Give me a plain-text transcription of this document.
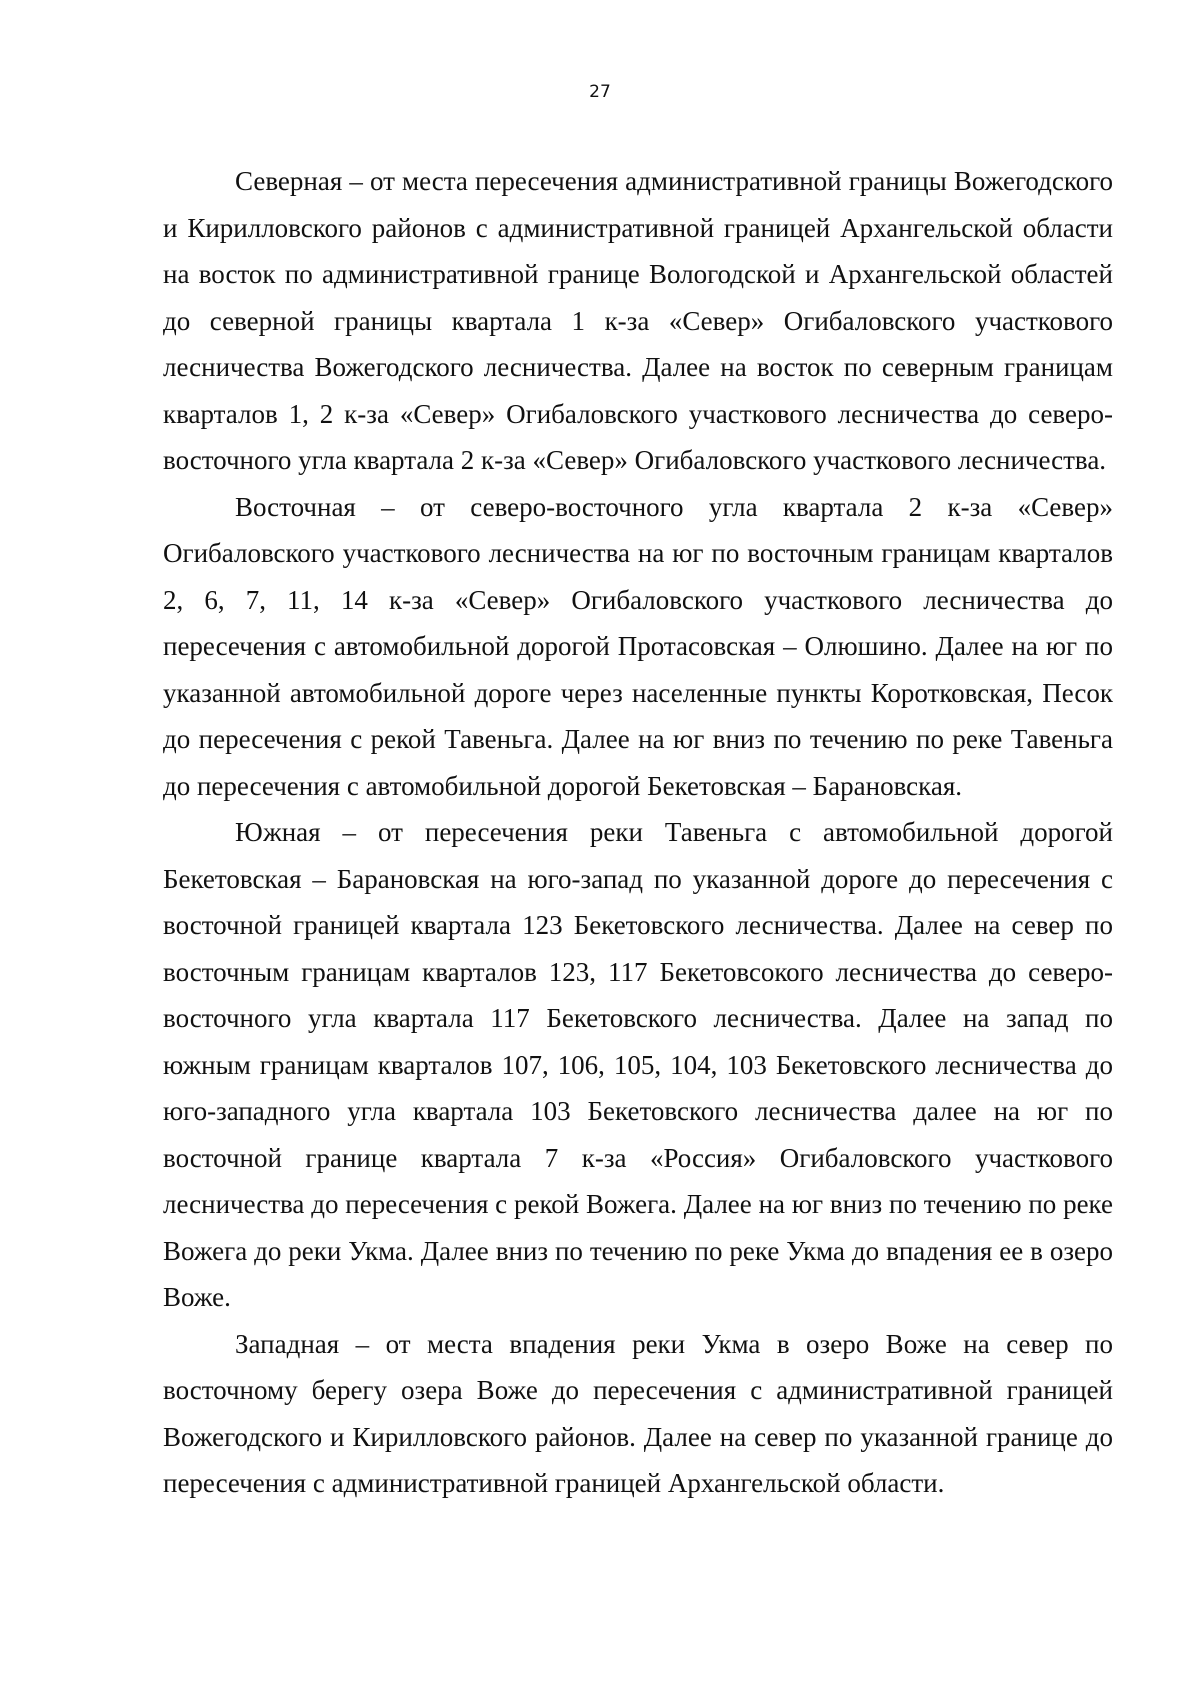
27

Северная – от места пересечения административной границы Вожегодского и Кирилловского районов с административной границей Архангельской области на восток по административной границе Вологодской и Архангельской областей до северной границы квартала 1 к-за «Север» Огибаловского участкового лесничества Вожегодского лесничества. Далее на восток по северным границам кварталов 1, 2 к-за «Север» Огибаловского участкового лесничества до северо-восточного угла квартала 2 к-за «Север» Огибаловского участкового лесничества.

Восточная – от северо-восточного угла квартала 2 к-за «Север» Огибаловского участкового лесничества на юг по восточным границам кварталов 2, 6, 7, 11, 14 к-за «Север» Огибаловского участкового лесничества до пересечения с автомобильной дорогой Протасовская – Олюшино. Далее на юг по указанной автомобильной дороге через населенные пункты Коротковская, Песок до пересечения с рекой Тавеньга. Далее на юг вниз по течению по реке Тавеньга до пересечения с автомобильной дорогой Бекетовская – Барановская.

Южная – от пересечения реки Тавеньга с автомобильной дорогой Бекетовская – Барановская на юго-запад по указанной дороге до пересечения с восточной границей квартала 123 Бекетовского лесничества. Далее на север по восточным границам кварталов 123, 117 Бекетовсокого лесничества до северо-восточного угла квартала 117 Бекетовского лесничества. Далее на запад по южным границам кварталов 107, 106, 105, 104, 103 Бекетовского лесничества до юго-западного угла квартала 103 Бекетовского лесничества далее на юг по восточной границе квартала 7 к-за «Россия» Огибаловского участкового лесничества до пересечения с рекой Вожега. Далее на юг вниз по течению по реке Вожега до реки Укма. Далее вниз по течению по реке Укма до впадения ее в озеро Воже.

Западная – от места впадения реки Укма в озеро Воже на север по восточному берегу озера Воже до пересечения с административной границей Вожегодского и Кирилловского районов. Далее на север по указанной границе до пересечения с административной границей Архангельской области.
